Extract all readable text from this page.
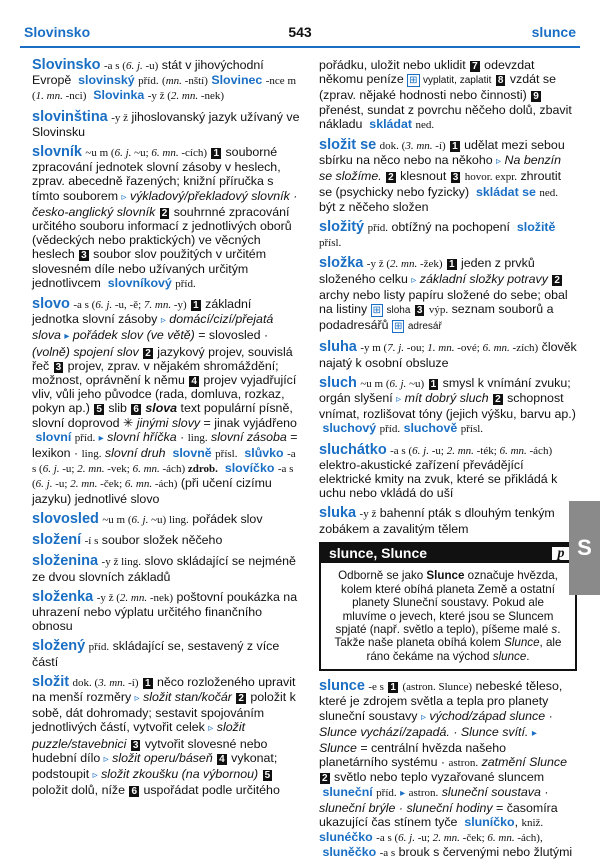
Slovinsko	543	slunce
Slovinsko -a s (6. j. -u) stát v jihovýchodní Evropě  slovinský příd. (mn. -nští) Slovinec -nce m (1. mn. -nci) Slovinka -y ž (2. mn. -nek)
slovinština -y ž jihoslovanský jazyk užívaný ve Slovinsku
slovník ~u m (6. j. ~u; 6. mn. -cích) 1 souborné zpracování jednotek slovní zásoby v heslech, zprav. abecedně řazených; knižní příručka s tímto souborem ▹ výkladový/překladový slovník · česko-anglický slovník 2 souhrnné zpracování určitého souboru informací z jednotlivých oborů (vědeckých nebo praktických) ve věcných heslech 3 soubor slov použitých v určitém slovesném díle nebo užívaných určitým jednotlivcem  slovníkový příd.
slovo -a s (6. j. -u, -ě; 7. mn. -y) 1 základní jednotka slovní zásoby ▹ domácí/cizí/přejatá slova ▸ pořádek slov (ve větě) = slovosled · (volně) spojení slov 2 jazykový projev, souvislá řeč 3 projev, zprav. v nějakém shromáždění; možnost, oprávnění k němu 4 projev vyjadřující vliv, vůli jeho původce (rada, domluva, rozkaz, pokyn ap.) 5 slib 6 slova text populární písně, slovní doprovod ✳ jinými slovy = jinak vyjádřeno  slovní příd. ▸ slovní hříčka · ling. slovní zásoba = lexikon · ling. slovní druh slovně přísl. slůvko -a s (6. j. -u; 2. mn. -vek; 6. mn. -ách) zdrob. slovíčko -a s (6. j. -u; 2. mn. -ček; 6. mn. -ách) (při učení cizímu jazyku) jednotlivé slovo
slovosled ~u m (6. j. ~u) ling. pořádek slov
složení -í s soubor složek něčeho
složenina -y ž ling. slovo skládající se nejméně ze dvou slovních základů
složenka -y ž (2. mn. -nek) poštovní poukázka na uhrazení nebo výplatu určitého finančního obnosu
složený příd. skládající se, sestavený z více částí
složit dok. (3. mn. -í) 1 něco rozloženého upravit na menší rozměry ▹ složit stan/kočár 2 položit k sobě, dát dohromady; sestavit spojováním jednotlivých částí, vytvořit celek ▹ složit puzzle/stavebnici 3 vytvořit slovesné nebo hudební dílo ▹ složit operu/báseň 4 vykonat; podstoupit ▹ složit zkoušku (na výbornou) 5 položit dolů, níže 6 uspořádat podle určitého
pořádku, uložit nebo uklidit 7 odevzdat někomu peníze ⊞ vyplatit, zaplatit 8 vzdát se (zprav. nějaké hodnosti nebo činnosti) 9 přenést, sundat z povrchu něčeho dolů, zbavit nákladu  skládat ned.
složit se dok. (3. mn. -í) 1 udělat mezi sebou sbírku na něco nebo na někoho ▹ Na benzín se složíme. 2 klesnout 3 hovor. expr. zhroutit se (psychicky nebo fyzicky)  skládat se ned. být z něčeho složen
složitý příd. obtížný na pochopení  složitě přísl.
složka -y ž (2. mn. -žek) 1 jeden z prvků složeného celku ▹ základní složky potravy 2 archy nebo listy papíru složené do sebe; obal na listiny ⊞ sloha 3 výp. seznam souborů a podadresářů ⊞ adresář
sluha -y m (7. j. -ou; 1. mn. -ové; 6. mn. -zích) člověk najatý k osobní obsluze
sluch ~u m (6. j. ~u) 1 smysl k vnímání zvuku; orgán slyšení ▹ mít dobrý sluch 2 schopnost vnímat, rozlišovat tóny (jejich výšku, barvu ap.)  sluchový příd. sluchově přísl.
sluchátko -a s (6. j. -u; 2. mn. -ték; 6. mn. -ách) elektro-akustické zařízení převádějící elektrické kmity na zvuk, které se přikládá k uchu nebo vkládá do uší
sluka -y ž bahenní pták s dlouhým tenkým zobákem a zavalitým tělem
slunce, Slunce	p
Odborně se jako Slunce označuje hvězda, kolem které obíhá planeta Země a ostatní planety Sluneční soustavy. Pokud ale mluvíme o jevech, které jsou se Sluncem spjaté (např. světlo a teplo), píšeme malé s. Takže naše planeta obíhá kolem Slunce, ale ráno čekáme na východ slunce.
slunce -e s 1 (astron. Slunce) nebeské těleso, které je zdrojem světla a tepla pro planety sluneční soustavy ▹ východ/západ slunce · Slunce vychází/zapadá. · Slunce svítí. ▸ Slunce = centrální hvězda našeho planetárního systému · astron. zatmění Slunce 2 světlo nebo teplo vyzařované sluncem  sluneční příd. ▸ astron. sluneční soustava · sluneční brýle · sluneční hodiny = časomíra ukazující čas stínem tyče  sluníčko, kniž. slunéčko -a s (6. j. -u; 2. mn. -ček; 6. mn. -ách),  sluněčko -a s brouk s červenými nebo žlutými
S
